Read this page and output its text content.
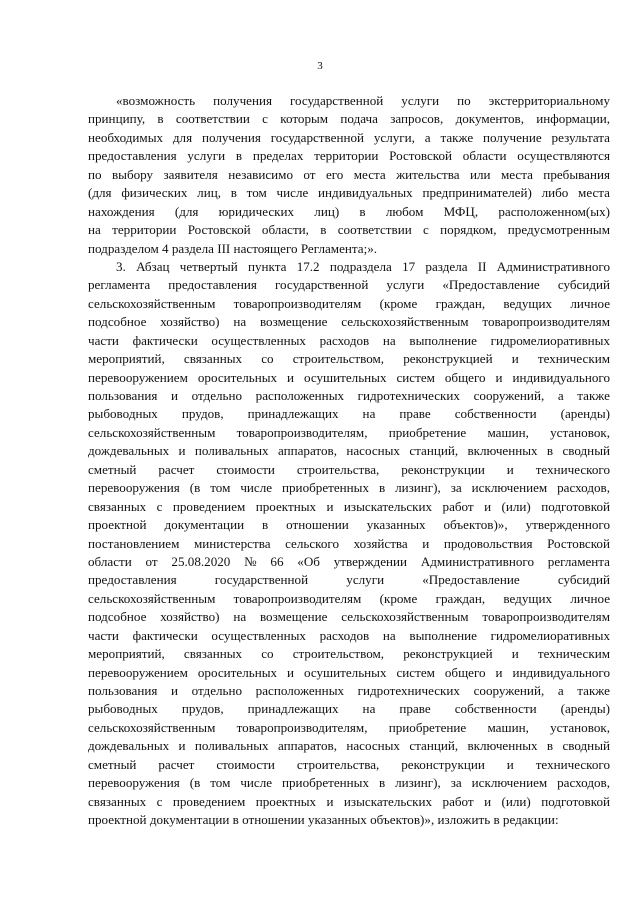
3
«возможность получения государственной услуги по экстерриториальному
принципу, в соответствии с которым подача запросов, документов, информации,
необходимых для получения государственной услуги, а также получение результата
предоставления услуги в пределах территории Ростовской области осуществляются
по выбору заявителя независимо от его места жительства или места пребывания
(для физических лиц, в том числе индивидуальных предпринимателей) либо места
нахождения (для юридических лиц) в любом МФЦ, расположенном(ых)
на территории Ростовской области, в соответствии с порядком, предусмотренным
подразделом 4 раздела III настоящего Регламента;».
3. Абзац четвертый пункта 17.2 подраздела 17 раздела II Административного
регламента предоставления государственной услуги «Предоставление субсидий
сельскохозяйственным товаропроизводителям (кроме граждан, ведущих личное
подсобное хозяйство) на возмещение сельскохозяйственным товаропроизводителям
части фактически осуществленных расходов на выполнение гидромелиоративных
мероприятий, связанных со строительством, реконструкцией и техническим
перевооружением оросительных и осушительных систем общего и индивидуального
пользования и отдельно расположенных гидротехнических сооружений, а также
рыбоводных прудов, принадлежащих на праве собственности (аренды)
сельскохозяйственным товаропроизводителям, приобретение машин, установок,
дождевальных и поливальных аппаратов, насосных станций, включенных в сводный
сметный расчет стоимости строительства, реконструкции и технического
перевооружения (в том числе приобретенных в лизинг), за исключением расходов,
связанных с проведением проектных и изыскательских работ и (или) подготовкой
проектной документации в отношении указанных объектов)», утвержденного
постановлением министерства сельского хозяйства и продовольствия Ростовской
области от 25.08.2020 № 66 «Об утверждении Административного регламента
предоставления государственной услуги «Предоставление субсидий
сельскохозяйственным товаропроизводителям (кроме граждан, ведущих личное
подсобное хозяйство) на возмещение сельскохозяйственным товаропроизводителям
части фактически осуществленных расходов на выполнение гидромелиоративных
мероприятий, связанных со строительством, реконструкцией и техническим
перевооружением оросительных и осушительных систем общего и индивидуального
пользования и отдельно расположенных гидротехнических сооружений, а также
рыбоводных прудов, принадлежащих на праве собственности (аренды)
сельскохозяйственным товаропроизводителям, приобретение машин, установок,
дождевальных и поливальных аппаратов, насосных станций, включенных в сводный
сметный расчет стоимости строительства, реконструкции и технического
перевооружения (в том числе приобретенных в лизинг), за исключением расходов,
связанных с проведением проектных и изыскательских работ и (или) подготовкой
проектной документации в отношении указанных объектов)», изложить в редакции:
